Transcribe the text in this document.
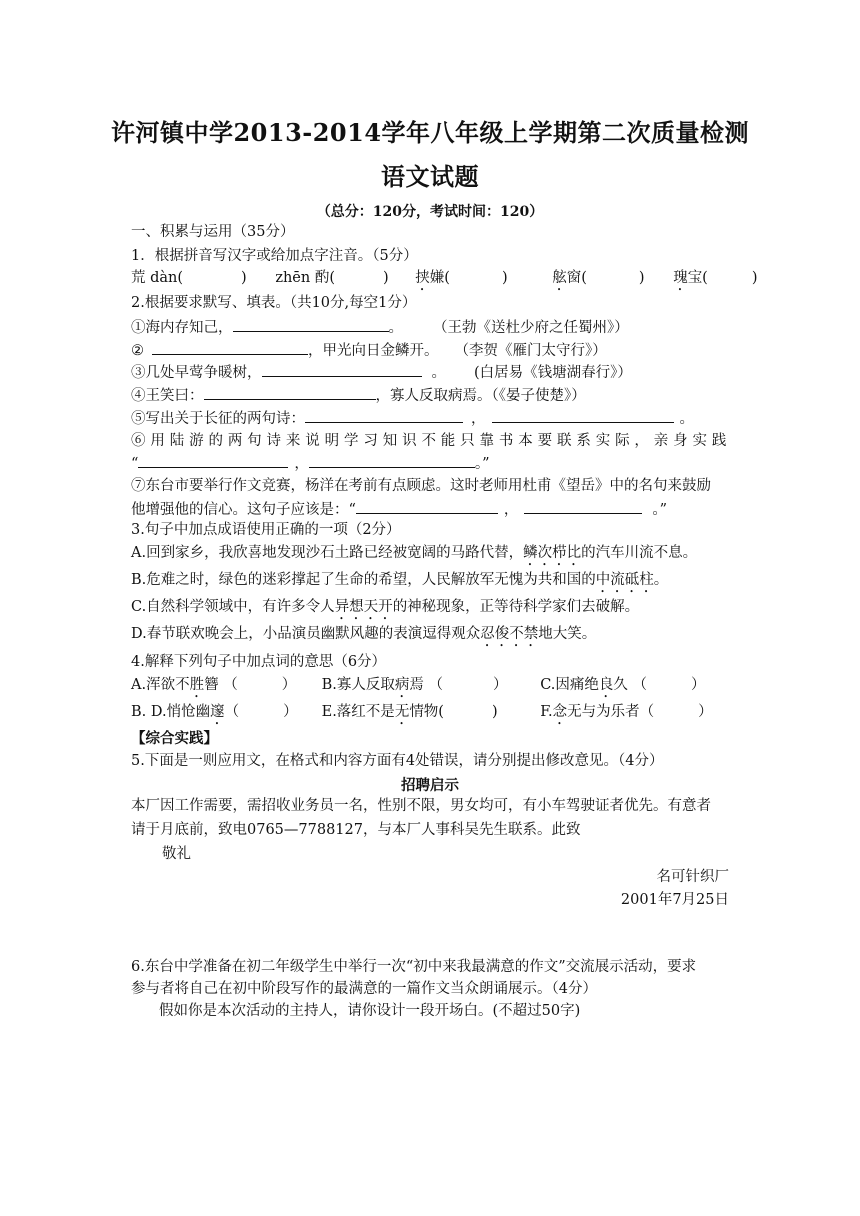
许河镇中学2013-2014学年八年级上学期第二次质量检测
语文试题
（总分：120分，考试时间：120）
一、积累与运用（35分）
1．根据拼音写汉字或给加点字注音。（5分）
荒 dàn(	) zhēn 酌(	) 挟嫌(	)	舷窗(	) 瑰宝(	)
2.根据要求默写、填表。（共10分,每空1分）
①海内存知己，	。 （王勃《送杜少府之任蜀州》）
②	，甲光向日金鳞开。 （李贺《雁门太守行》）
③几处早莺争暖树，	。 (白居易《钱塘湖春行》）
④王笑曰：	，寡人反取病焉。（《晏子使楚》）
⑤写出关于长征的两句诗：	，	。
⑥用陆游的两句诗来说明学习知识不能只靠书本要联系实际，亲身实践
“	，	。”
⑦东台市要举行作文竞赛，杨洋在考前有点顾虑。这时老师用杜甫《望岳》中的名句来鼓励
他增强他的信心。这句子应该是：“	，	。”
3.句子中加点成语使用正确的一项（2分）
A.回到家乡，我欣喜地发现沙石土路已经被宽阔的马路代替，鳞次栉比的汽车川流不息。
B.危难之时，绿色的迷彩撑起了生命的希望，人民解放军无愧为共和国的中流砥柱。
C.自然科学领域中，有许多令人异想天开的神秘现象，正等待科学家们去破解。
D.春节联欢晚会上，小品演员幽默风趣的表演逗得观众忍俊不禁地大笑。
4.解释下列句子中加点词的意思（6分）
A.浑欲不胜簪 （	） B.寡人反取病焉 （	） C.因痛绝良久 （	）
B. D.悄怆幽邃（	） E.落红不是无情物(	)	F.念无与为乐者（	）
【综合实践】
5.下面是一则应用文，在格式和内容方面有4处错误，请分别提出修改意见。（4分）
招聘启示
本厂因工作需要，需招收业务员一名，性别不限，男女均可，有小车驾驶证者优先。有意者
请于月底前，致电0765—7788127，与本厂人事科吴先生联系。此致
敬礼
名可针织厂
2001年7月25日
6.东台中学准备在初二年级学生中举行一次“初中来我最满意的作文”交流展示活动，要求
参与者将自己在初中阶段写作的最满意的一篇作文当众朗诵展示。（4分）
假如你是本次活动的主持人，请你设计一段开场白。(不超过50字)
